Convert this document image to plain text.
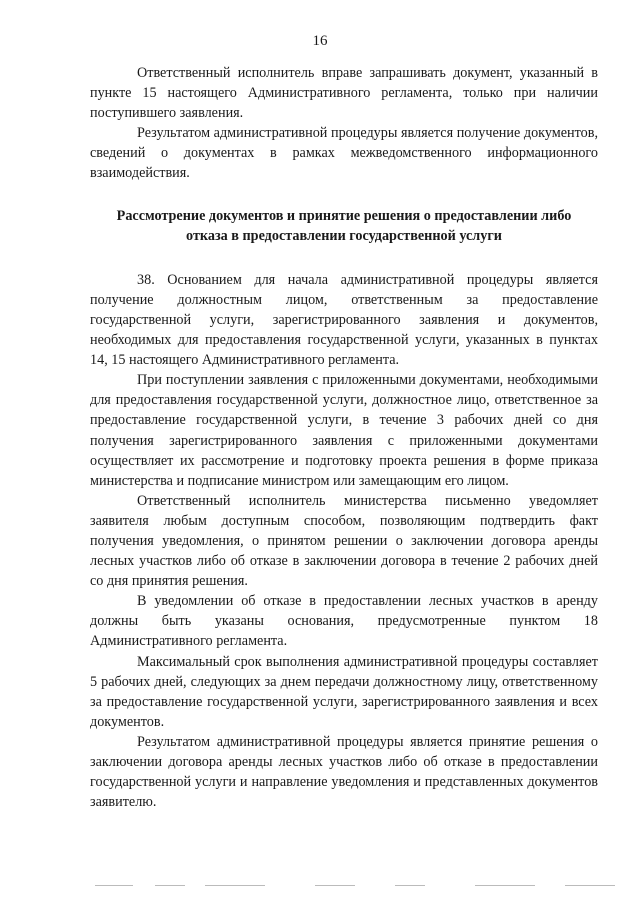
16

Ответственный исполнитель вправе запрашивать документ, указанный в пункте 15 настоящего Административного регламента, только при наличии поступившего заявления.

Результатом административной процедуры является получение документов, сведений о документах в рамках межведомственного информационного взаимодействия.

Рассмотрение документов и принятие решения о предоставлении либо отказа в предоставлении государственной услуги

38. Основанием для начала административной процедуры является получение должностным лицом, ответственным за предоставление государственной услуги, зарегистрированного заявления и документов, необходимых для предоставления государственной услуги, указанных в пунктах 14, 15 настоящего Административного регламента.

При поступлении заявления с приложенными документами, необходимыми для предоставления государственной услуги, должностное лицо, ответственное за предоставление государственной услуги, в течение 3 рабочих дней со дня получения зарегистрированного заявления с приложенными документами осуществляет их рассмотрение и подготовку проекта решения в форме приказа министерства и подписание министром или замещающим его лицом.

Ответственный исполнитель министерства письменно уведомляет заявителя любым доступным способом, позволяющим подтвердить факт получения уведомления, о принятом решении о заключении договора аренды лесных участков либо об отказе в заключении договора в течение 2 рабочих дней со дня принятия решения.

В уведомлении об отказе в предоставлении лесных участков в аренду должны быть указаны основания, предусмотренные пунктом 18 Административного регламента.

Максимальный срок выполнения административной процедуры составляет 5 рабочих дней, следующих за днем передачи должностному лицу, ответственному за предоставление государственной услуги, зарегистрированного заявления и всех документов.

Результатом административной процедуры является принятие решения о заключении договора аренды лесных участков либо об отказе в предоставлении государственной услуги и направление уведомления и представленных документов заявителю.
